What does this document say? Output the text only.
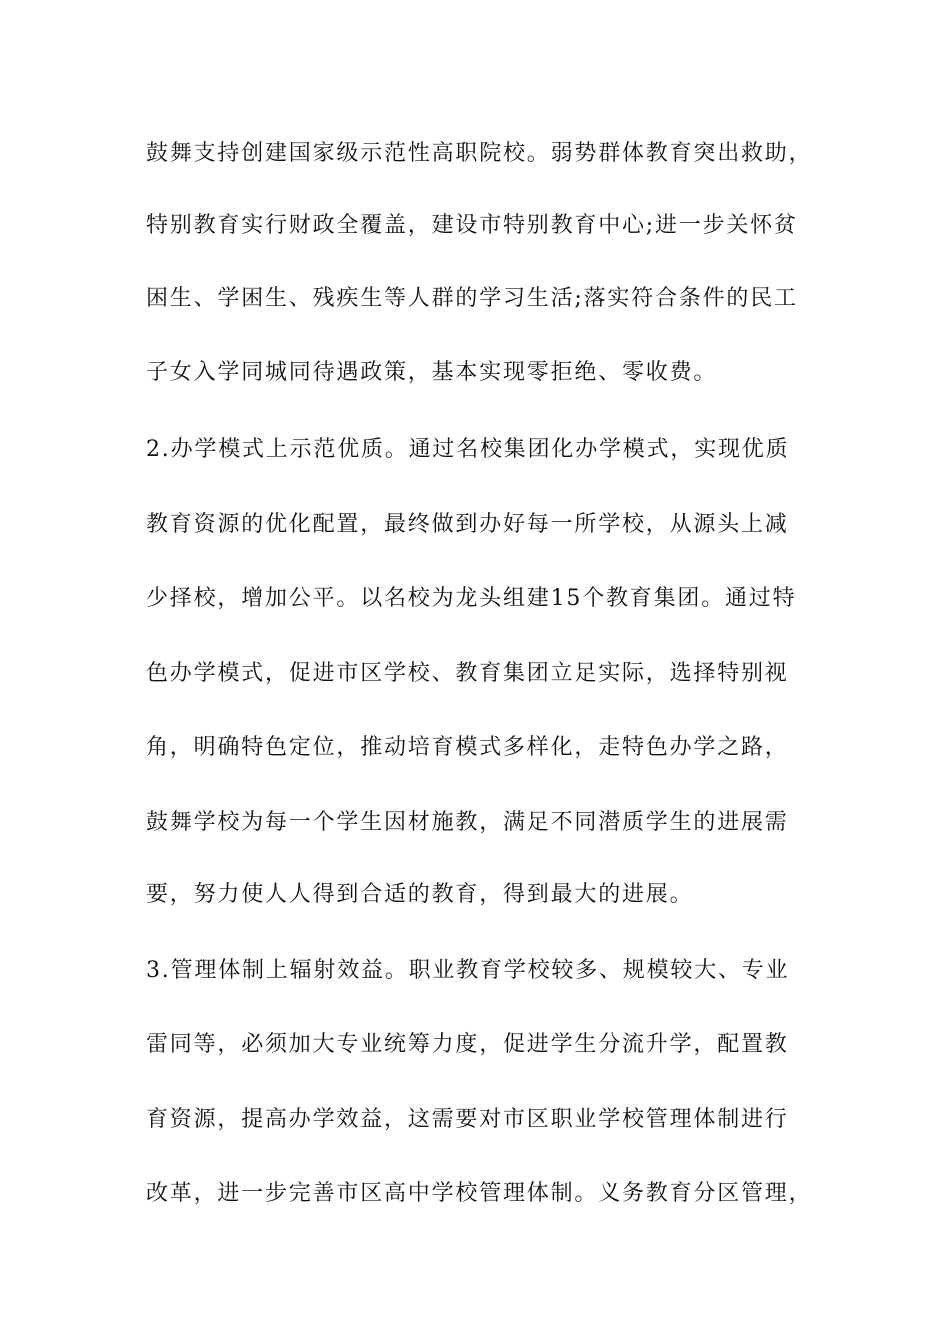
鼓舞支持创建国家级示范性高职院校。弱势群体教育突出救助，
特别教育实行财政全覆盖，建设市特别教育中心;进一步关怀贫
困生、学困生、残疾生等人群的学习生活;落实符合条件的民工
子女入学同城同待遇政策，基本实现零拒绝、零收费。
2.办学模式上示范优质。通过名校集团化办学模式，实现优质
教育资源的优化配置，最终做到办好每一所学校，从源头上减
少择校，增加公平。以名校为龙头组建15个教育集团。通过特
色办学模式，促进市区学校、教育集团立足实际，选择特别视
角，明确特色定位，推动培育模式多样化，走特色办学之路，
鼓舞学校为每一个学生因材施教，满足不同潜质学生的进展需
要，努力使人人得到合适的教育，得到最大的进展。
3.管理体制上辐射效益。职业教育学校较多、规模较大、专业
雷同等，必须加大专业统筹力度，促进学生分流升学，配置教
育资源，提高办学效益，这需要对市区职业学校管理体制进行
改革，进一步完善市区高中学校管理体制。义务教育分区管理，
